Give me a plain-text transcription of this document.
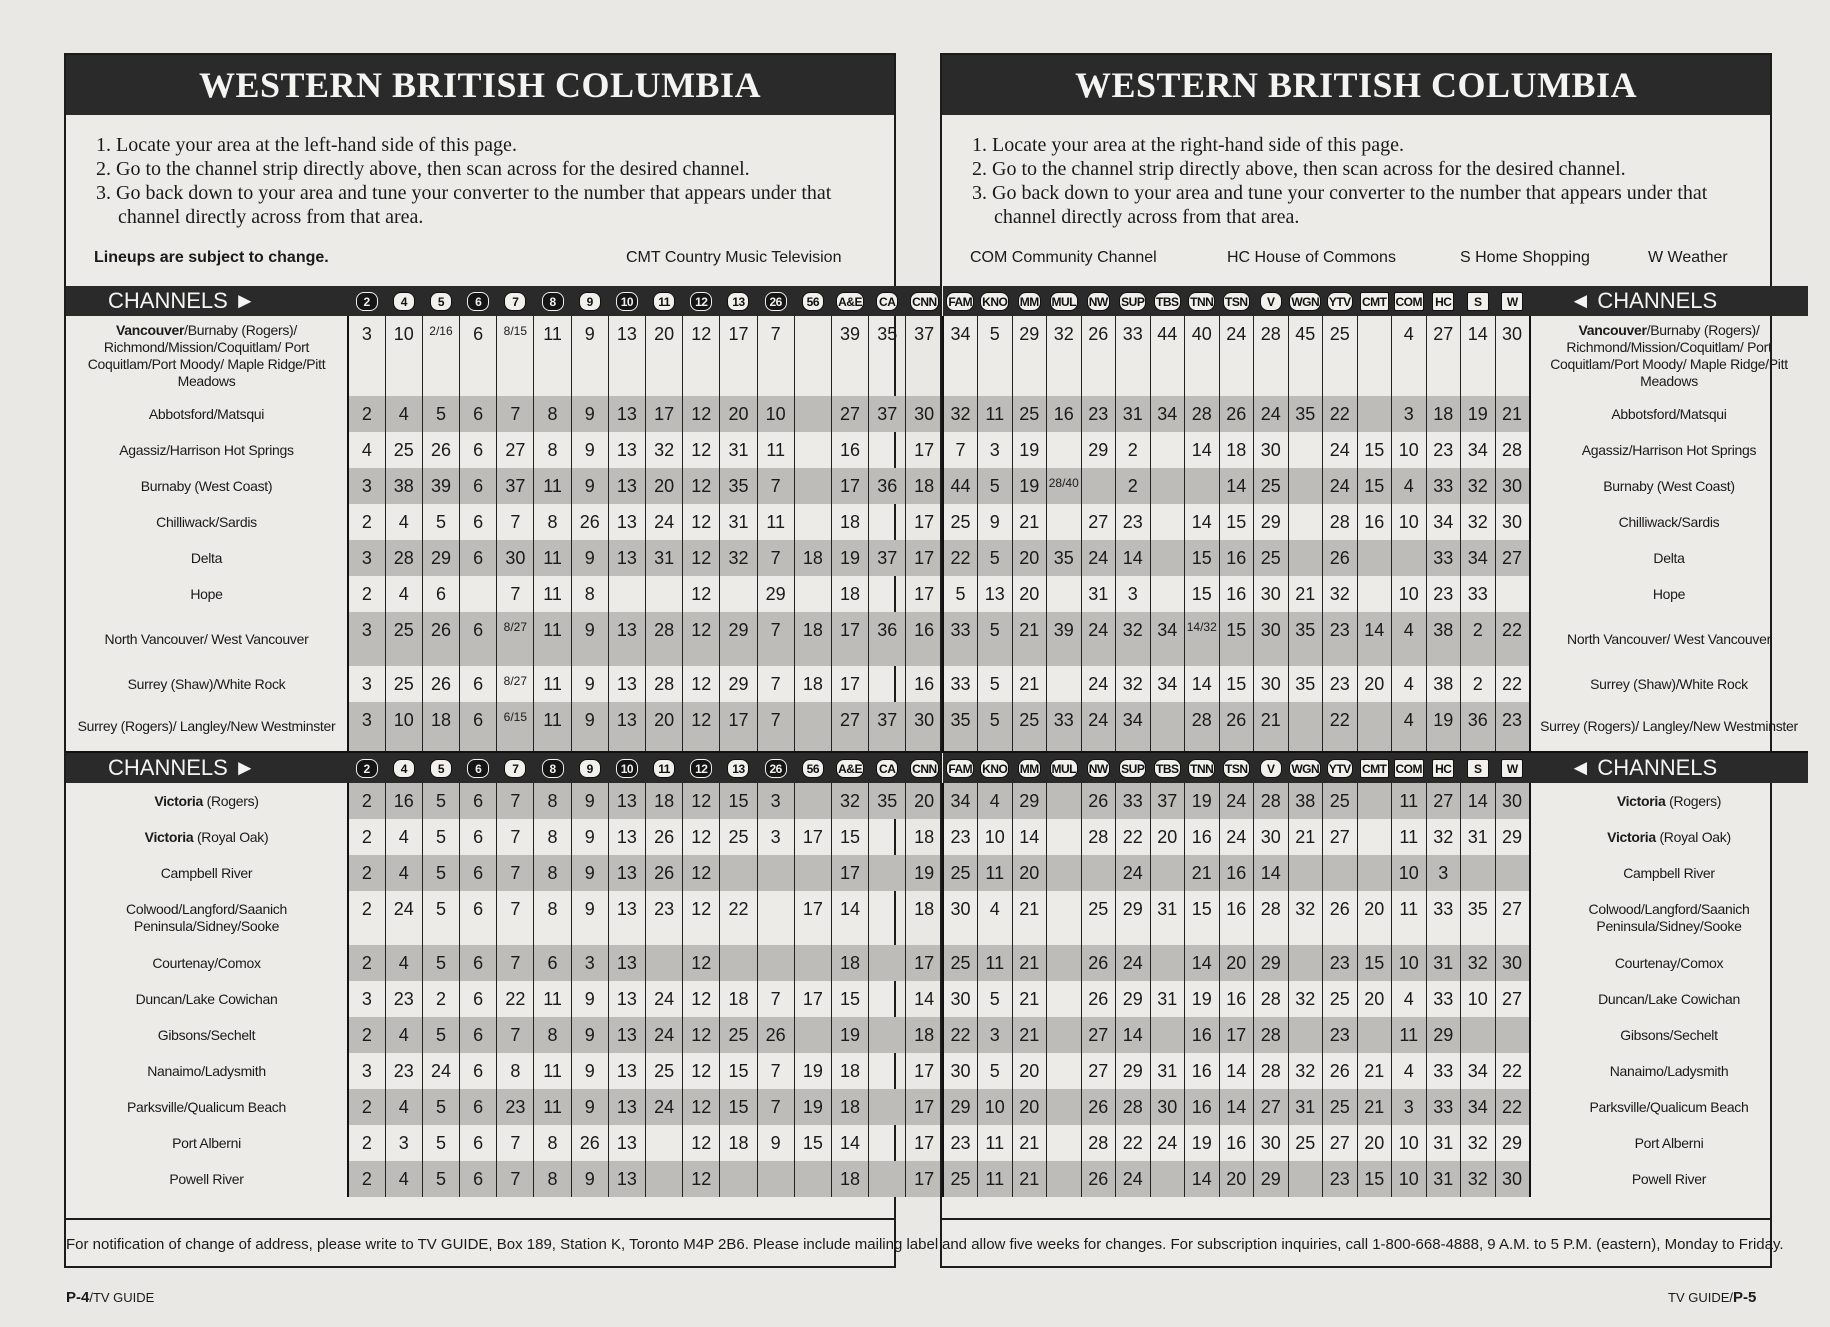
WESTERN BRITISH COLUMBIA
1. Locate your area at the left-hand side of this page.
2. Go to the channel strip directly above, then scan across for the desired channel.
3. Go back down to your area and tune your converter to the number that appears under that channel directly across from that area.
Lineups are subject to change.	CMT Country Music Television
CHANNELS ►	2	4	5	6	7	8	9	10	11	12	13	26	56	A&E	CA	CNN
Vancouver/Burnaby (Rogers)/ Richmond/Mission/Coquitlam/ Port Coquitlam/Port Moody/ Maple Ridge/Pitt Meadows	3	10	2/16	6	8/15	11	9	13	20	12	17	7		39	35	37
Abbotsford/Matsqui	2	4	5	6	7	8	9	13	17	12	20	10		27	37	30
Agassiz/Harrison Hot Springs	4	25	26	6	27	8	9	13	32	12	31	11		16		17
Burnaby (West Coast)	3	38	39	6	37	11	9	13	20	12	35	7		17	36	18
Chilliwack/Sardis	2	4	5	6	7	8	26	13	24	12	31	11		18		17
Delta	3	28	29	6	30	11	9	13	31	12	32	7	18	19	37	17
Hope	2	4	6		7	11	8			12		29		18		17
North Vancouver/ West Vancouver	3	25	26	6	8/27	11	9	13	28	12	29	7	18	17	36	16
Surrey (Shaw)/White Rock	3	25	26	6	8/27	11	9	13	28	12	29	7	18	17		16
Surrey (Rogers)/ Langley/New Westminster	3	10	18	6	6/15	11	9	13	20	12	17	7		27	37	30
CHANNELS ►	2	4	5	6	7	8	9	10	11	12	13	26	56	A&E	CA	CNN
Victoria (Rogers)	2	16	5	6	7	8	9	13	18	12	15	3		32	35	20
Victoria (Royal Oak)	2	4	5	6	7	8	9	13	26	12	25	3	17	15		18
Campbell River	2	4	5	6	7	8	9	13	26	12				17		19
Colwood/Langford/Saanich Peninsula/Sidney/Sooke	2	24	5	6	7	8	9	13	23	12	22		17	14		18
Courtenay/Comox	2	4	5	6	7	6	3	13		12				18		17
Duncan/Lake Cowichan	3	23	2	6	22	11	9	13	24	12	18	7	17	15		14
Gibsons/Sechelt	2	4	5	6	7	8	9	13	24	12	25	26		19		18
Nanaimo/Ladysmith	3	23	24	6	8	11	9	13	25	12	15	7	19	18		17
Parksville/Qualicum Beach	2	4	5	6	23	11	9	13	24	12	15	7	19	18		17
Port Alberni	2	3	5	6	7	8	26	13		12	18	9	15	14		17
Powell River	2	4	5	6	7	8	9	13		12				18		17
For notification of change of address, please write to TV GUIDE, Box 189, Station K, Toronto M4P 2B6. Please include mailing label
P-4/TV GUIDE
WESTERN BRITISH COLUMBIA
1. Locate your area at the right-hand side of this page.
2. Go to the channel strip directly above, then scan across for the desired channel.
3. Go back down to your area and tune your converter to the number that appears under that channel directly across from that area.
COM Community Channel	HC House of Commons	S Home Shopping	W Weather
FAM	KNO	MM	MUL	NW	SUP	TBS	TNN	TSN	V	WGN	YTV	CMT	COM	HC	S	W	◄ CHANNELS
34	5	29	32	26	33	44	40	24	28	45	25		4	27	14	30	Vancouver/Burnaby (Rogers)/ Richmond/Mission/Coquitlam/ Port Coquitlam/Port Moody/ Maple Ridge/Pitt Meadows
32	11	25	16	23	31	34	28	26	24	35	22		3	18	19	21	Abbotsford/Matsqui
7	3	19		29	2		14	18	30		24	15	10	23	34	28	Agassiz/Harrison Hot Springs
44	5	19	28/40		2			14	25		24	15	4	33	32	30	Burnaby (West Coast)
25	9	21		27	23		14	15	29		28	16	10	34	32	30	Chilliwack/Sardis
22	5	20	35	24	14		15	16	25		26			33	34	27	Delta
5	13	20		31	3		15	16	30	21	32		10	23	33		Hope
33	5	21	39	24	32	34	14/32	15	30	35	23	14	4	38	2	22	North Vancouver/ West Vancouver
33	5	21		24	32	34	14	15	30	35	23	20	4	38	2	22	Surrey (Shaw)/White Rock
35	5	25	33	24	34		28	26	21		22		4	19	36	23	Surrey (Rogers)/ Langley/New Westminster
FAM	KNO	MM	MUL	NW	SUP	TBS	TNN	TSN	V	WGN	YTV	CMT	COM	HC	S	W	◄ CHANNELS
34	4	29		26	33	37	19	24	28	38	25		11	27	14	30	Victoria (Rogers)
23	10	14		28	22	20	16	24	30	21	27		11	32	31	29	Victoria (Royal Oak)
25	11	20			24		21	16	14				10	3			Campbell River
30	4	21		25	29	31	15	16	28	32	26	20	11	33	35	27	Colwood/Langford/Saanich Peninsula/Sidney/Sooke
25	11	21		26	24		14	20	29		23	15	10	31	32	30	Courtenay/Comox
30	5	21		26	29	31	19	16	28	32	25	20	4	33	10	27	Duncan/Lake Cowichan
22	3	21		27	14		16	17	28		23		11	29			Gibsons/Sechelt
30	5	20		27	29	31	16	14	28	32	26	21	4	33	34	22	Nanaimo/Ladysmith
29	10	20		26	28	30	16	14	27	31	25	21	3	33	34	22	Parksville/Qualicum Beach
23	11	21		28	22	24	19	16	30	25	27	20	10	31	32	29	Port Alberni
25	11	21		26	24		14	20	29		23	15	10	31	32	30	Powell River
and allow five weeks for changes. For subscription inquiries, call 1-800-668-4888, 9 A.M. to 5 P.M. (eastern), Monday to Friday.
TV GUIDE/P-5
